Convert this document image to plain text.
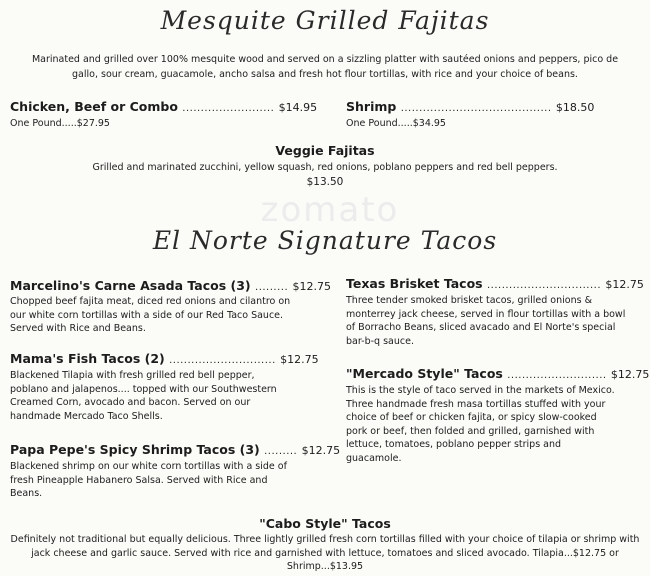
zomato
Mesquite Grilled Fajitas
Marinated and grilled over 100% mesquite wood and served on a sizzling platter with sautéed onions and peppers, pico de gallo, sour cream, guacamole, ancho salsa and fresh hot flour tortillas, with rice and your choice of beans.
Chicken, Beef or Combo ......................... $14.95
One Pound.....$27.95
Shrimp ......................................... $18.50
One Pound.....$34.95
Veggie Fajitas
Grilled and marinated zucchini, yellow squash, red onions, poblano peppers and red bell peppers.
$13.50
El Norte Signature Tacos
Marcelino's Carne Asada Tacos (3) ......... $12.75
Chopped beef fajita meat, diced red onions and cilantro on our white corn tortillas with a side of our Red Taco Sauce. Served with Rice and Beans.
Mama's Fish Tacos (2) ............................. $12.75
Blackened Tilapia with fresh grilled red bell pepper, poblano and jalapenos.... topped with our Southwestern Creamed Corn, avocado and bacon. Served on our handmade Mercado Taco Shells.
Papa Pepe's Spicy Shrimp Tacos (3) ......... $12.75
Blackened shrimp on our white corn tortillas with a side of fresh Pineapple Habanero Salsa. Served with Rice and Beans.
Texas Brisket Tacos ............................... $12.75
Three tender smoked brisket tacos, grilled onions & monterrey jack cheese, served in flour tortillas with a bowl of Borracho Beans, sliced avacado and El Norte's special bar-b-q sauce.
"Mercado Style" Tacos ........................... $12.75
This is the style of taco served in the markets of Mexico. Three handmade fresh masa tortillas stuffed with your choice of beef or chicken fajita, or spicy slow-cooked pork or beef, then folded and grilled, garnished with lettuce, tomatoes, poblano pepper strips and guacamole.
"Cabo Style" Tacos
Definitely not traditional but equally delicious. Three lightly grilled fresh corn tortillas filled with your choice of tilapia or shrimp with jack cheese and garlic sauce. Served with rice and garnished with lettuce, tomatoes and sliced avocado. Tilapia...$12.75 or Shrimp...$13.95
